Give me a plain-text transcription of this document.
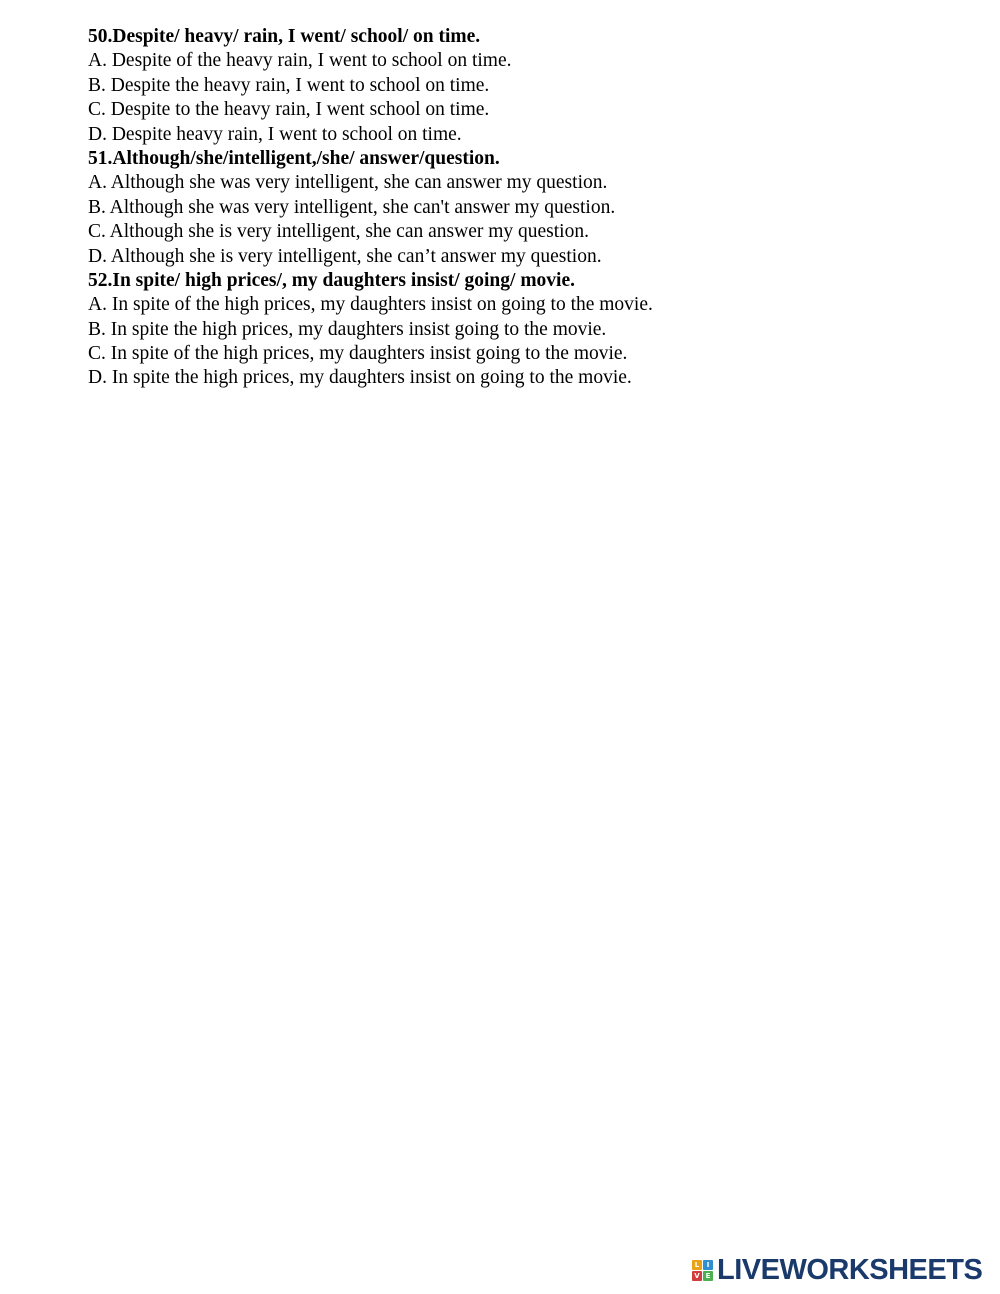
50.Despite/ heavy/ rain, I went/ school/ on time.
A. Despite of the heavy rain, I went to school on time.
B. Despite the heavy rain, I went to school on time.
C. Despite to the heavy rain, I went school on time.
D. Despite heavy rain, I went to school on time.
51.Although/she/intelligent,/she/ answer/question.
A. Although she was very intelligent, she can answer my question.
B. Although she was very intelligent, she can't answer my question.
C. Although she is very intelligent, she can answer my question.
D. Although she is very intelligent, she can’t answer my question.
52.In spite/ high prices/, my daughters insist/ going/ movie.
A. In spite of the high prices, my daughters insist on going to the movie.
B. In spite the high prices, my daughters insist going to the movie.
C. In spite of the high prices, my daughters insist going to the movie.
D. In spite the high prices, my daughters insist on going to the movie.
L	I
V E LIVEWORKSHEETS
